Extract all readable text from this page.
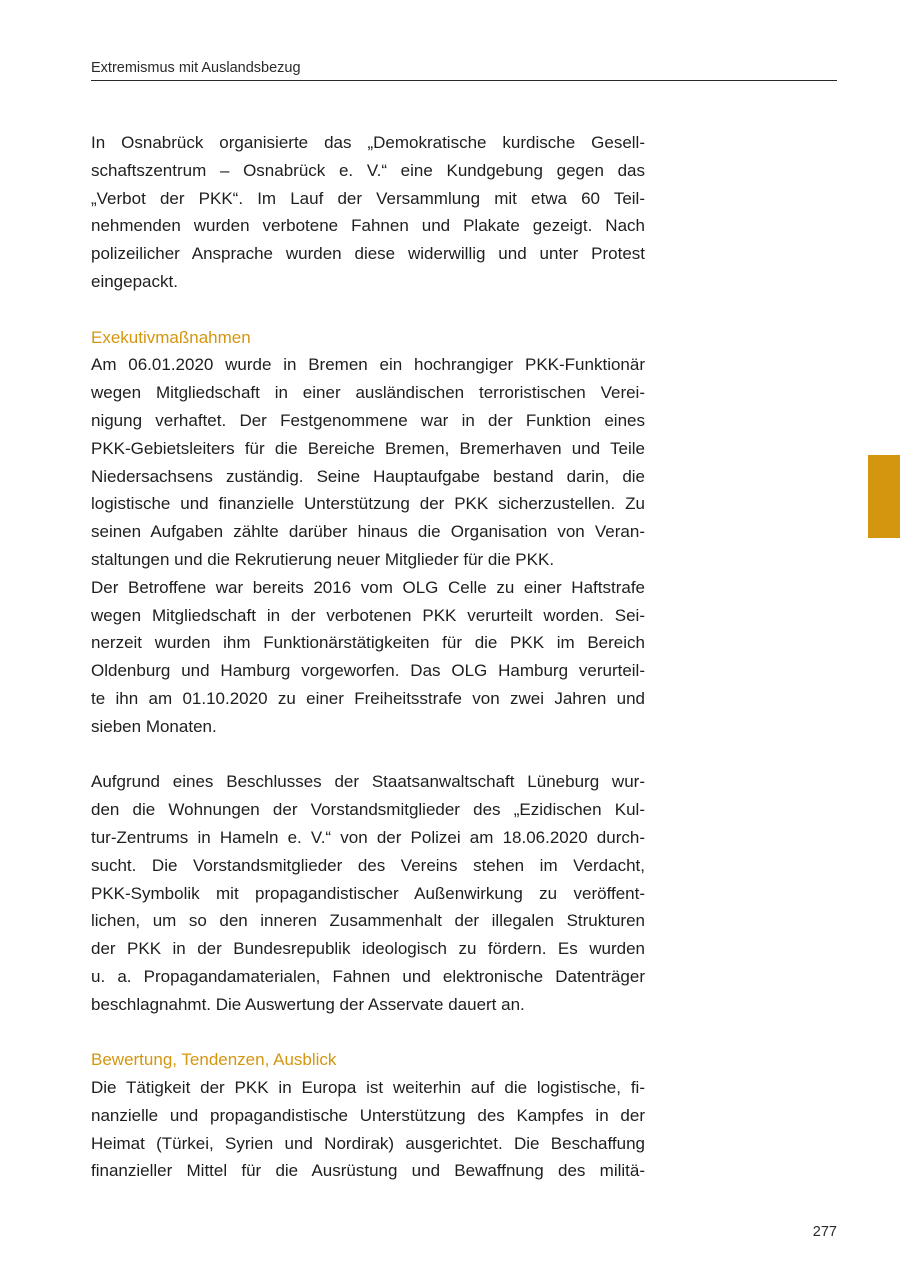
Extremismus mit Auslandsbezug
In Osnabrück organisierte das „Demokratische kurdische Gesell-
schaftszentrum – Osnabrück e. V.“ eine Kundgebung gegen das
„Verbot der PKK“. Im Lauf der Versammlung mit etwa 60 Teil-
nehmenden wurden verbotene Fahnen und Plakate gezeigt. Nach
polizeilicher Ansprache wurden diese widerwillig und unter Protest
eingepackt.
Exekutivmaßnahmen
Am 06.01.2020 wurde in Bremen ein hochrangiger PKK-Funktionär
wegen Mitgliedschaft in einer ausländischen terroristischen Verei-
nigung verhaftet. Der Festgenommene war in der Funktion eines
PKK-Gebietsleiters für die Bereiche Bremen, Bremerhaven und Teile
Niedersachsens zuständig. Seine Hauptaufgabe bestand darin, die
logistische und finanzielle Unterstützung der PKK sicherzustellen. Zu
seinen Aufgaben zählte darüber hinaus die Organisation von Veran-
staltungen und die Rekrutierung neuer Mitglieder für die PKK.
Der Betroffene war bereits 2016 vom OLG Celle zu einer Haftstrafe
wegen Mitgliedschaft in der verbotenen PKK verurteilt worden. Sei-
nerzeit wurden ihm Funktionärstätigkeiten für die PKK im Bereich
Oldenburg und Hamburg vorgeworfen. Das OLG Hamburg verurteil-
te ihn am 01.10.2020 zu einer Freiheitsstrafe von zwei Jahren und
sieben Monaten.
Aufgrund eines Beschlusses der Staatsanwaltschaft Lüneburg wur-
den die Wohnungen der Vorstandsmitglieder des „Ezidischen Kul-
tur-Zentrums in Hameln e. V.“ von der Polizei am 18.06.2020 durch-
sucht. Die Vorstandsmitglieder des Vereins stehen im Verdacht,
PKK-Symbolik mit propagandistischer Außenwirkung zu veröffent-
lichen, um so den inneren Zusammenhalt der illegalen Strukturen
der PKK in der Bundesrepublik ideologisch zu fördern. Es wurden
u. a. Propagandamaterialen, Fahnen und elektronische Datenträger
beschlagnahmt. Die Auswertung der Asservate dauert an.
Bewertung, Tendenzen, Ausblick
Die Tätigkeit der PKK in Europa ist weiterhin auf die logistische, fi-
nanzielle und propagandistische Unterstützung des Kampfes in der
Heimat (Türkei, Syrien und Nordirak) ausgerichtet. Die Beschaffung
finanzieller Mittel für die Ausrüstung und Bewaffnung des militä-
277
